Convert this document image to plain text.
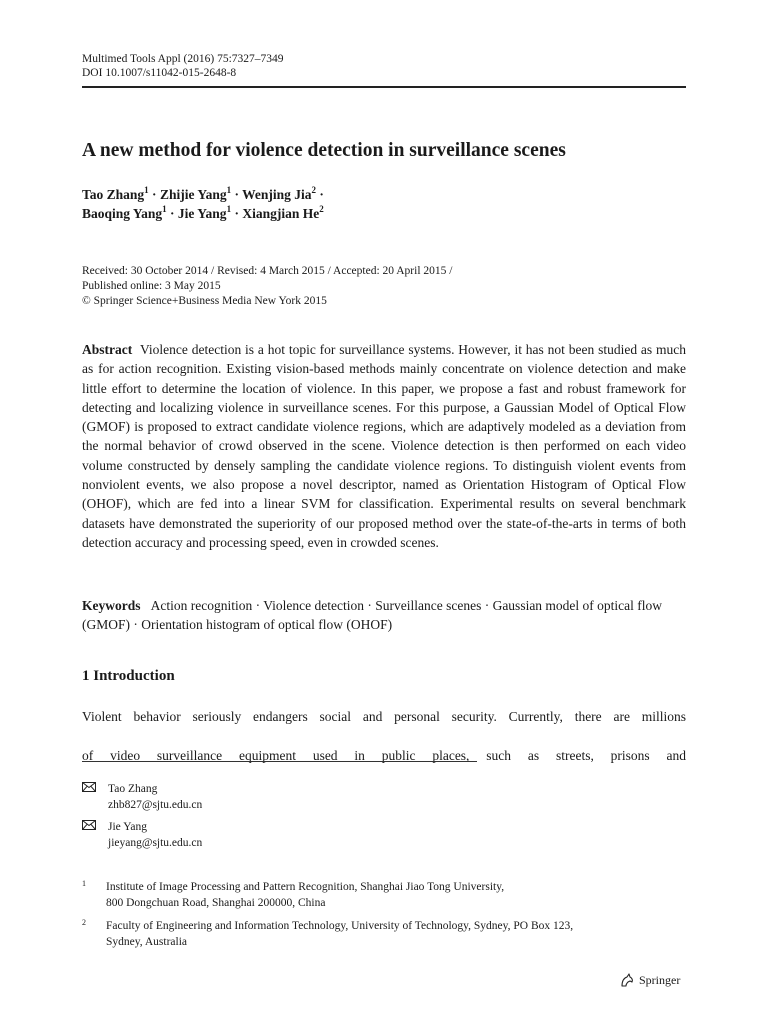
Multimed Tools Appl (2016) 75:7327–7349
DOI 10.1007/s11042-015-2648-8
A new method for violence detection in surveillance scenes
Tao Zhang$^1$ · Zhijie Yang$^1$ · Wenjing Jia$^2$ ·
Baoqing Yang$^1$ · Jie Yang$^1$ · Xiangjian He$^2$
Received: 30 October 2014 / Revised: 4 March 2015 / Accepted: 20 April 2015 /
Published online: 3 May 2015
© Springer Science+Business Media New York 2015

Abstract Violence detection is a hot topic for surveillance systems. However, it has not been studied as much as for action recognition. Existing vision-based methods mainly concentrate on violence detection and make little effort to determine the location of violence. In this paper, we propose a fast and robust framework for detecting and localizing violence in surveillance scenes. For this purpose, a Gaussian Model of Optical Flow (GMOF) is proposed to extract candidate violence regions, which are adaptively modeled as a deviation from the normal behavior of crowd observed in the scene. Violence detection is then performed on each video volume constructed by densely sampling the candidate violence regions. To distinguish violent events from nonviolent events, we also propose a novel descriptor, named as Orientation Histogram of Optical Flow (OHOF), which are fed into a linear SVM for classification. Experimental results on several benchmark datasets have demonstrated the superiority of our proposed method over the state-of-the-arts in terms of both detection accuracy and processing speed, even in crowded scenes.

Keywords Action recognition · Violence detection · Surveillance scenes · Gaussian model of optical flow (GMOF) · Orientation histogram of optical flow (OHOF)

1 Introduction

Violent behavior seriously endangers social and personal security. Currently, there are millionsof video surveillance equipment used in public places, such as streets, prisons and

Tao Zhang
zhb827@sjtu.edu.cn
Jie Yang
jieyang@sjtu.edu.cn
1 Institute of Image Processing and Pattern Recognition, Shanghai Jiao Tong University,
800 Dongchuan Road, Shanghai 200000, China
2 Faculty of Engineering and Information Technology, University of Technology, Sydney, PO Box 123,
Sydney, Australia
Springer
